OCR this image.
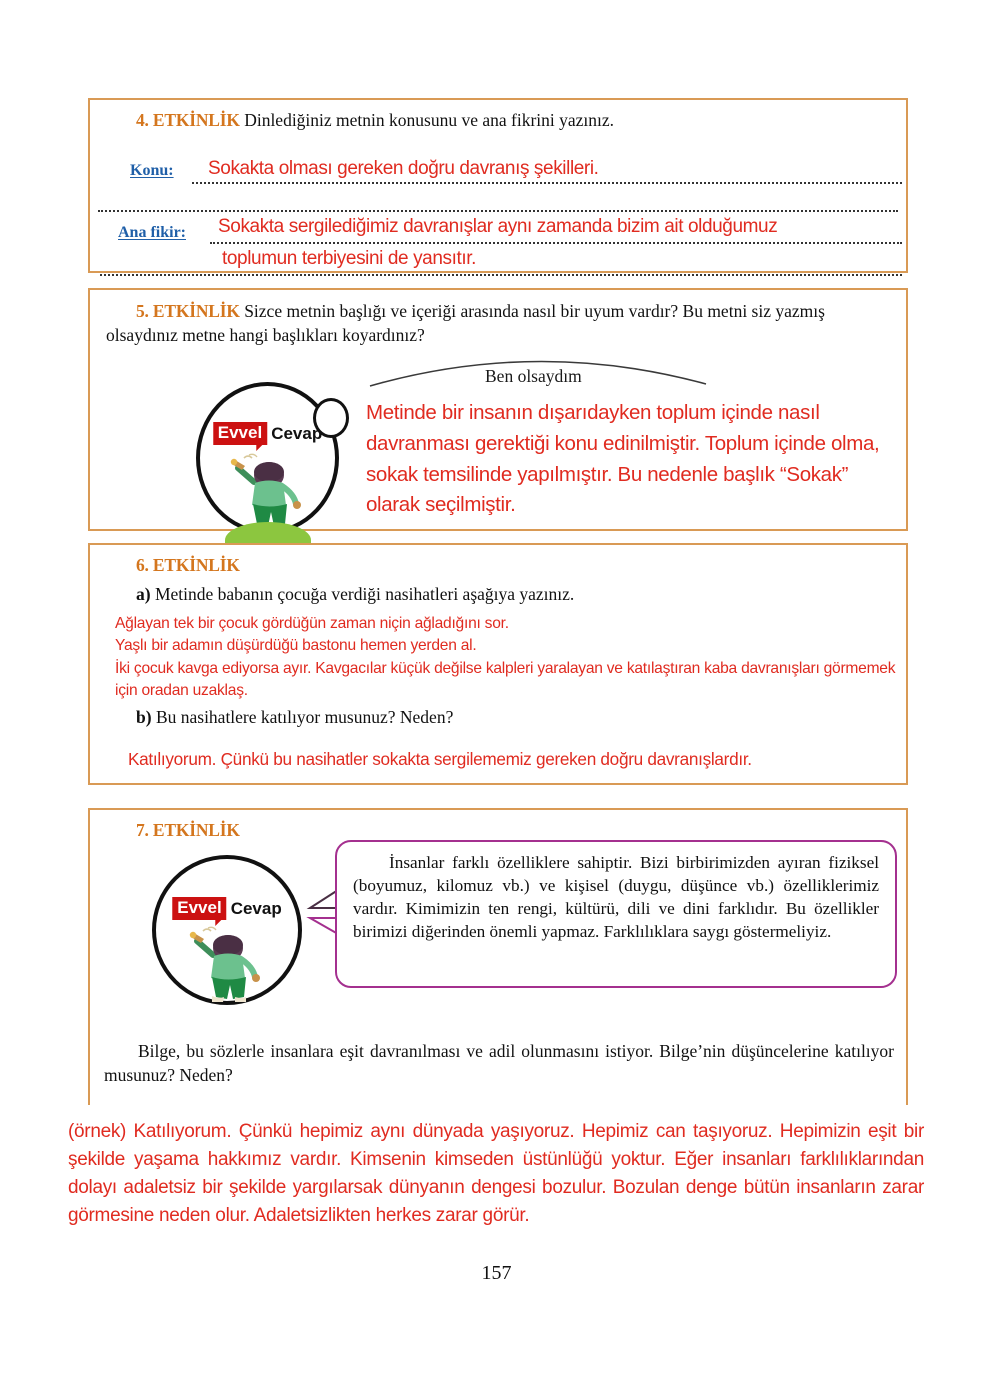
4. ETKİNLİK Dinlediğiniz metnin konusunu ve ana fikrini yazınız.
Konu: Sokakta olması gereken doğru davranış şekilleri.
Ana fikir: Sokakta sergilediğimiz davranışlar aynı zamanda bizim ait olduğumuz
toplumun terbiyesini de yansıtır.
5. ETKİNLİK Sizce metnin başlığı ve içeriği arasında nasıl bir uyum vardır? Bu metni siz yazmış olsaydınız metne hangi başlıkları koyardınız?
Evvel Cevap
Ben olsaydım
Metinde bir insanın dışarıdayken toplum içinde nasıl davranması gerektiği konu edinilmiştir. Toplum içinde olma, sokak temsilinde yapılmıştır. Bu nedenle başlık “Sokak” olarak seçilmiştir.
6. ETKİNLİK
a) Metinde babanın çocuğa verdiği nasihatleri aşağıya yazınız.
Ağlayan tek bir çocuk gördüğün zaman niçin ağladığını sor.
Yaşlı bir adamın düşürdüğü bastonu hemen yerden al.
İki çocuk kavga ediyorsa ayır. Kavgacılar küçük değilse kalpleri yaralayan ve katılaştıran kaba davranışları görmemek için oradan uzaklaş.
b) Bu nasihatlere katılıyor musunuz? Neden?
Katılıyorum. Çünkü bu nasihatler sokakta sergilememiz gereken doğru davranışlardır.
7. ETKİNLİK
Evvel Cevap
İnsanlar farklı özelliklere sahiptir. Bizi birbirimizden ayıran fiziksel (boyumuz, kilomuz vb.) ve kişisel (duygu, düşünce vb.) özelliklerimiz vardır. Kimimizin ten rengi, kültürü, dili ve dini farklıdır. Bu özellikler birimizi diğerinden önemli yapmaz. Farklılıklara saygı göstermeliyiz.
Bilge, bu sözlerle insanlara eşit davranılması ve adil olunmasını istiyor. Bilge’nin düşüncelerine katılıyor musunuz? Neden?
(örnek) Katılıyorum. Çünkü hepimiz aynı dünyada yaşıyoruz. Hepimiz can taşıyoruz. Hepimizin eşit bir şekilde yaşama hakkımız vardır. Kimsenin kimseden üstünlüğü yoktur. Eğer insanları farklılıklarından dolayı adaletsiz bir şekilde yargılarsak dünyanın dengesi bozulur. Bozulan denge bütün insanların zarar görmesine neden olur. Adaletsizlikten herkes zarar görür.
157
